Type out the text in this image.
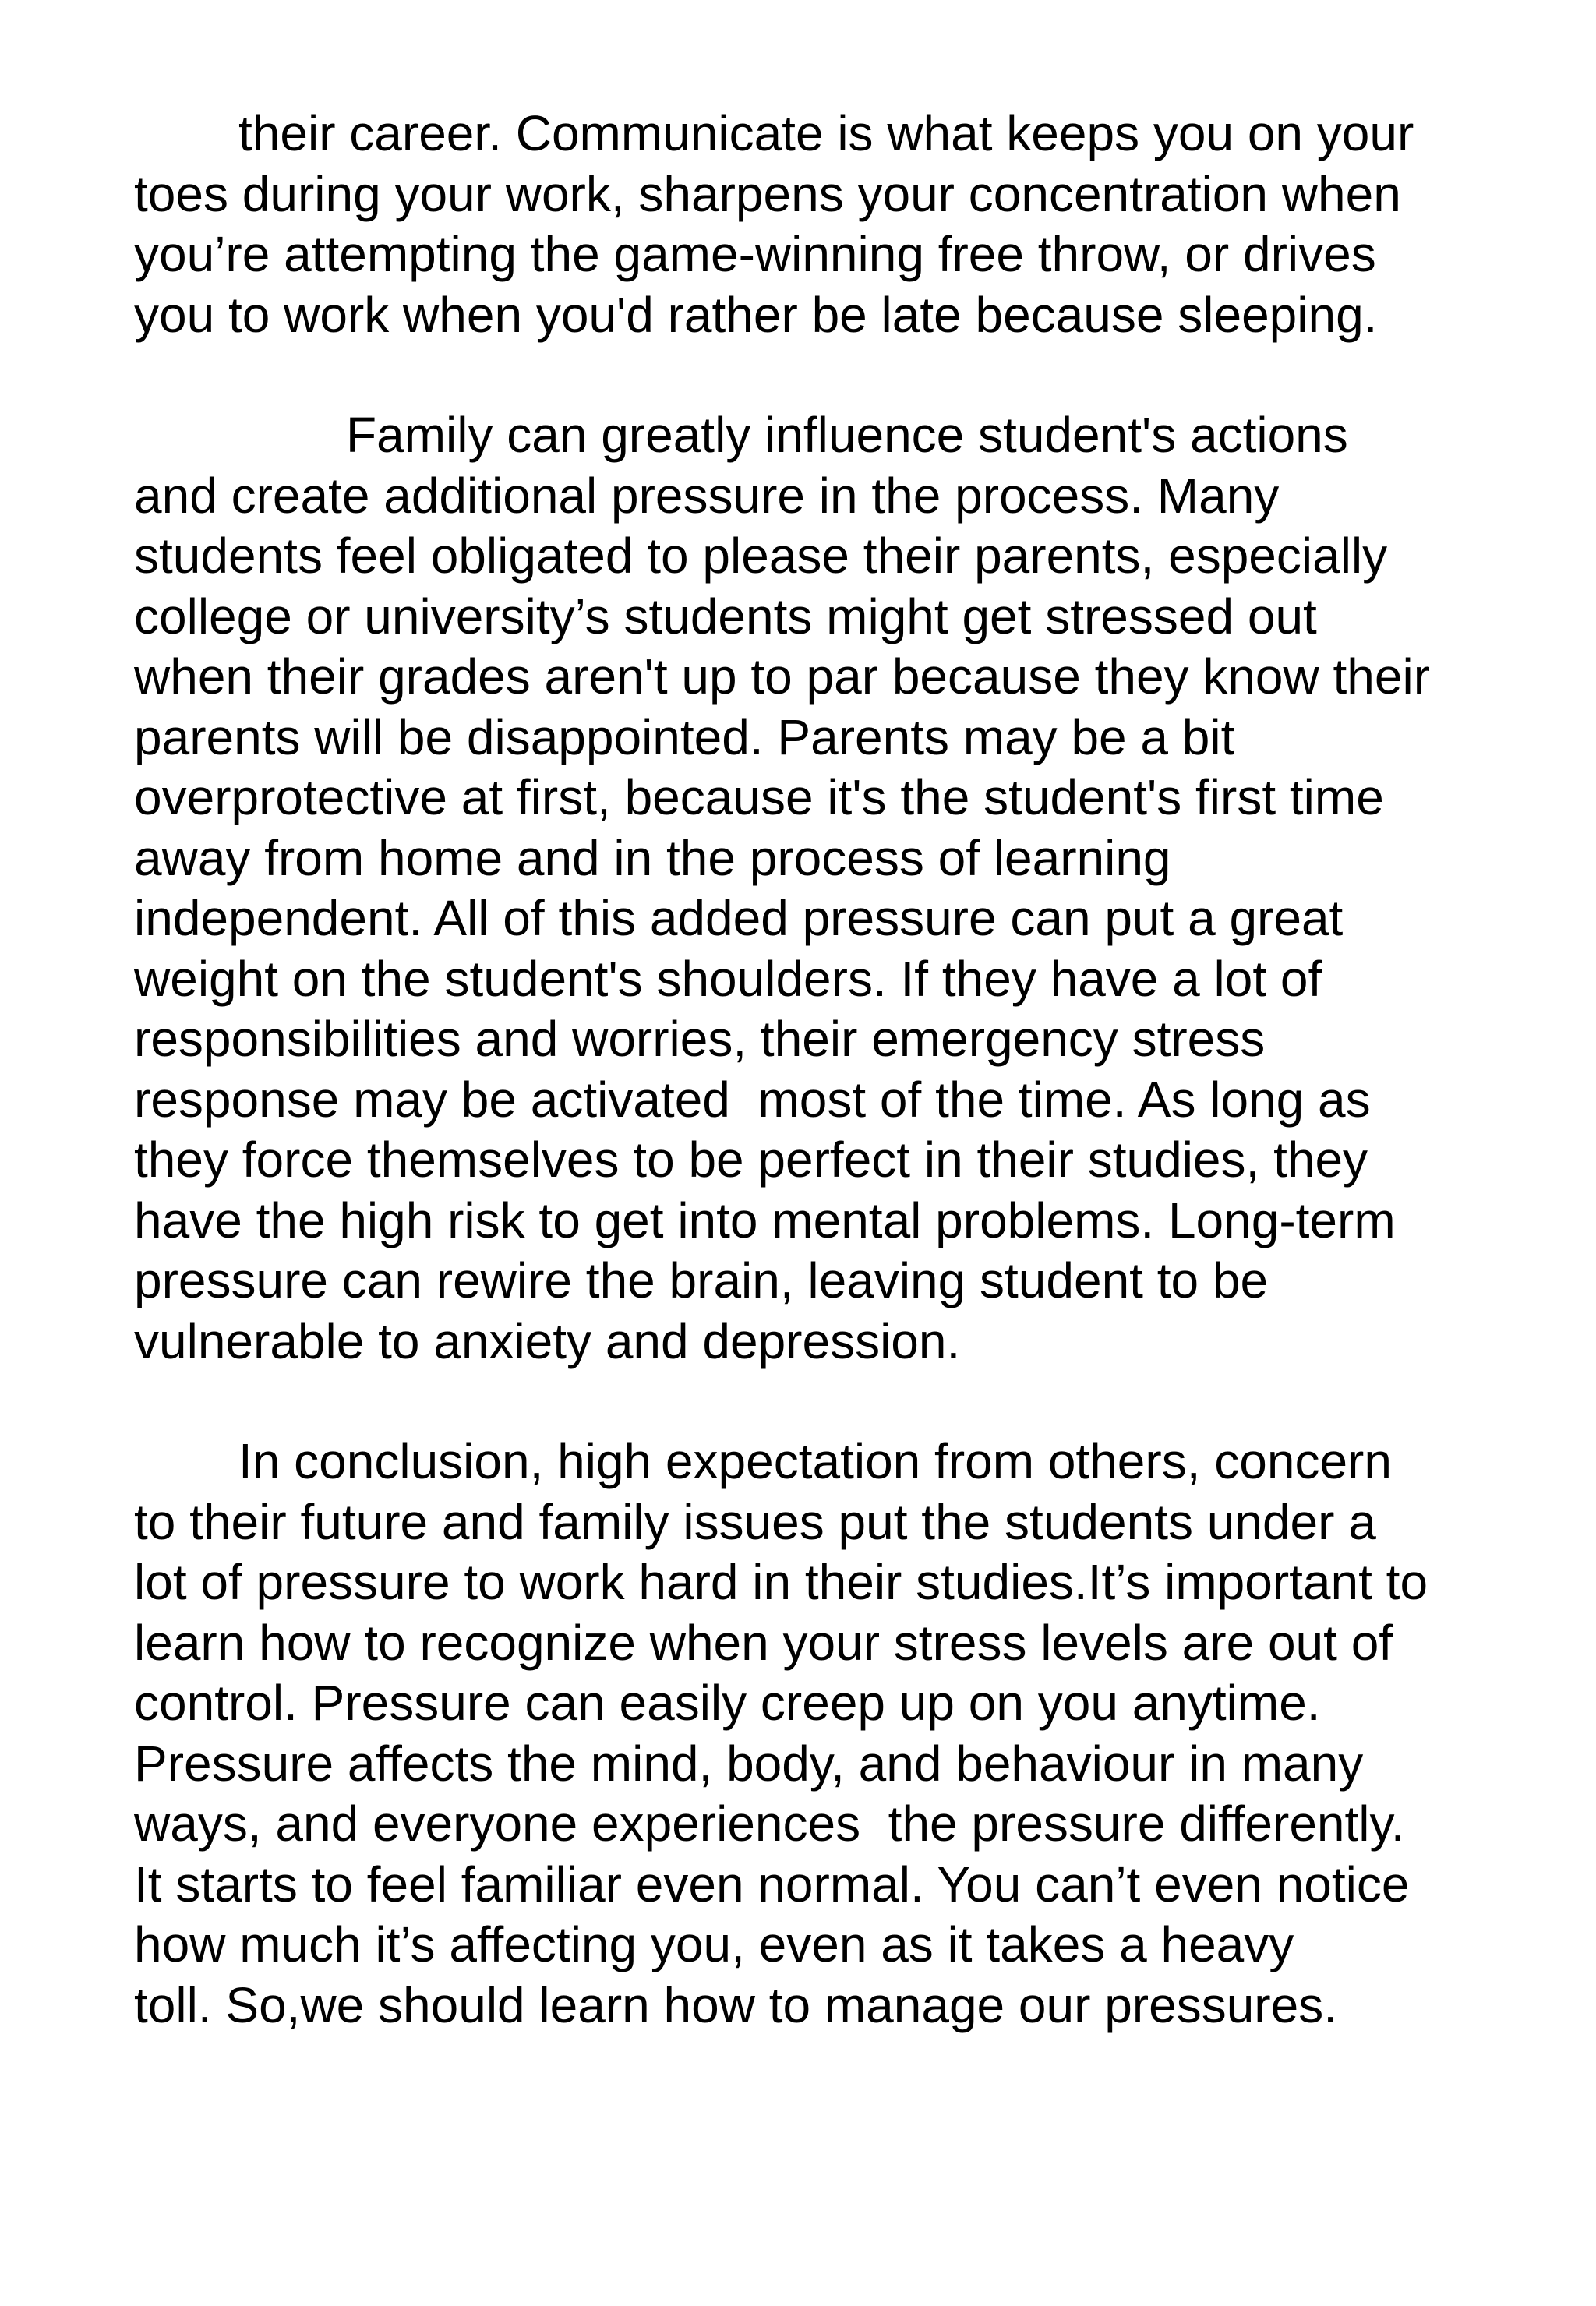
their career. Communicate is what keeps you on your
toes during your work, sharpens your concentration when
you’re attempting the game-winning free throw, or drives
you to work when you'd rather be late because sleeping.

Family can greatly influence student's actions
and create additional pressure in the process. Many
students feel obligated to please their parents, especially
college or university’s students might get stressed out
when their grades aren't up to par because they know their
parents will be disappointed. Parents may be a bit
overprotective at first, because it's the student's first time
away from home and in the process of learning
independent. All of this added pressure can put a great
weight on the student's shoulders. If they have a lot of
responsibilities and worries, their emergency stress
response may be activated  most of the time. As long as
they force themselves to be perfect in their studies, they
have the high risk to get into mental problems. Long-term
pressure can rewire the brain, leaving student to be
vulnerable to anxiety and depression.

In conclusion, high expectation from others, concern
to their future and family issues put the students under a
lot of pressure to work hard in their studies.It’s important to
learn how to recognize when your stress levels are out of
control. Pressure can easily creep up on you anytime.
Pressure affects the mind, body, and behaviour in many
ways, and everyone experiences  the pressure differently.
It starts to feel familiar even normal. You can’t even notice
how much it’s affecting you, even as it takes a heavy
toll. So,we should learn how to manage our pressures.
